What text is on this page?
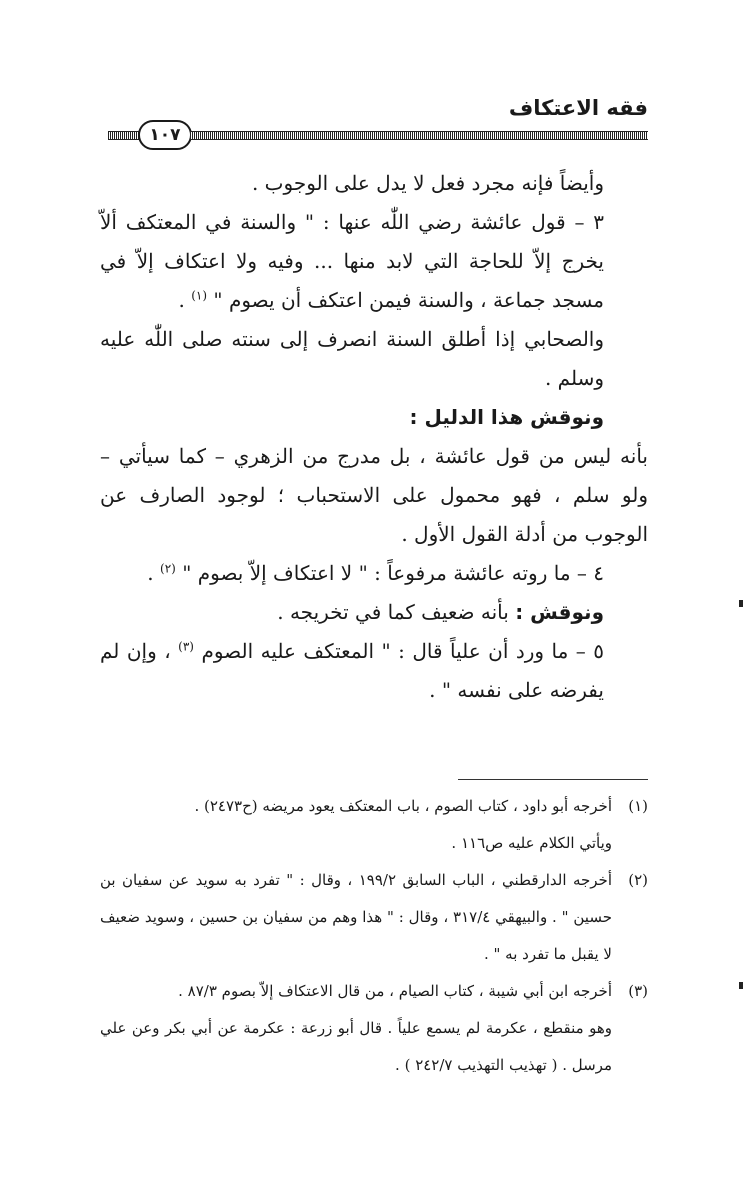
فقه الاعتكاف
١٠٧

وأيضاً فإنه مجرد فعل لا يدل على الوجوب .

٣ – قول عائشة رضي اللّٰه عنها : " والسنة في المعتكف ألاّ يخرج إلاّ للحاجة التي لابد منها ... وفيه ولا اعتكاف إلاّ في مسجد جماعة ، والسنة فيمن اعتكف أن يصوم " $^{(١)}$ .

والصحابي إذا أطلق السنة انصرف إلى سنته صلى اللّٰه عليه وسلم .

ونوقش هذا الدليل :

بأنه ليس من قول عائشة ، بل مدرج من الزهري – كما سيأتي – ولو سلم ، فهو محمول على الاستحباب ؛ لوجود الصارف عن الوجوب من أدلة القول الأول .

٤ – ما روته عائشة مرفوعاً : " لا اعتكاف إلاّ بصوم " $^{(٢)}$ .

ونوقش : بأنه ضعيف كما في تخريجه .

٥ – ما ورد أن علياً قال : " المعتكف عليه الصوم $^{(٣)}$ ، وإن لم يفرضه على نفسه " .

(١)

أخرجه أبو داود ، كتاب الصوم ، باب المعتكف يعود مريضه (ح٢٤٧٣) .

ويأتي الكلام عليه ص١١٦ .

(٢)

أخرجه الدارقطني ، الباب السابق ١٩٩/٢ ، وقال : " تفرد به سويد عن سفيان بن حسين " . والبيهقي ٣١٧/٤ ، وقال : " هذا وهم من سفيان بن حسين ، وسويد ضعيف لا يقبل ما تفرد به " .

(٣)

أخرجه ابن أبي شيبة ، كتاب الصيام ، من قال الاعتكاف إلاّ بصوم ٨٧/٣ .

وهو منقطع ، عكرمة لم يسمع علياً . قال أبو زرعة : عكرمة عن أبي بكر وعن علي مرسل . ( تهذيب التهذيب ٢٤٢/٧ ) .
